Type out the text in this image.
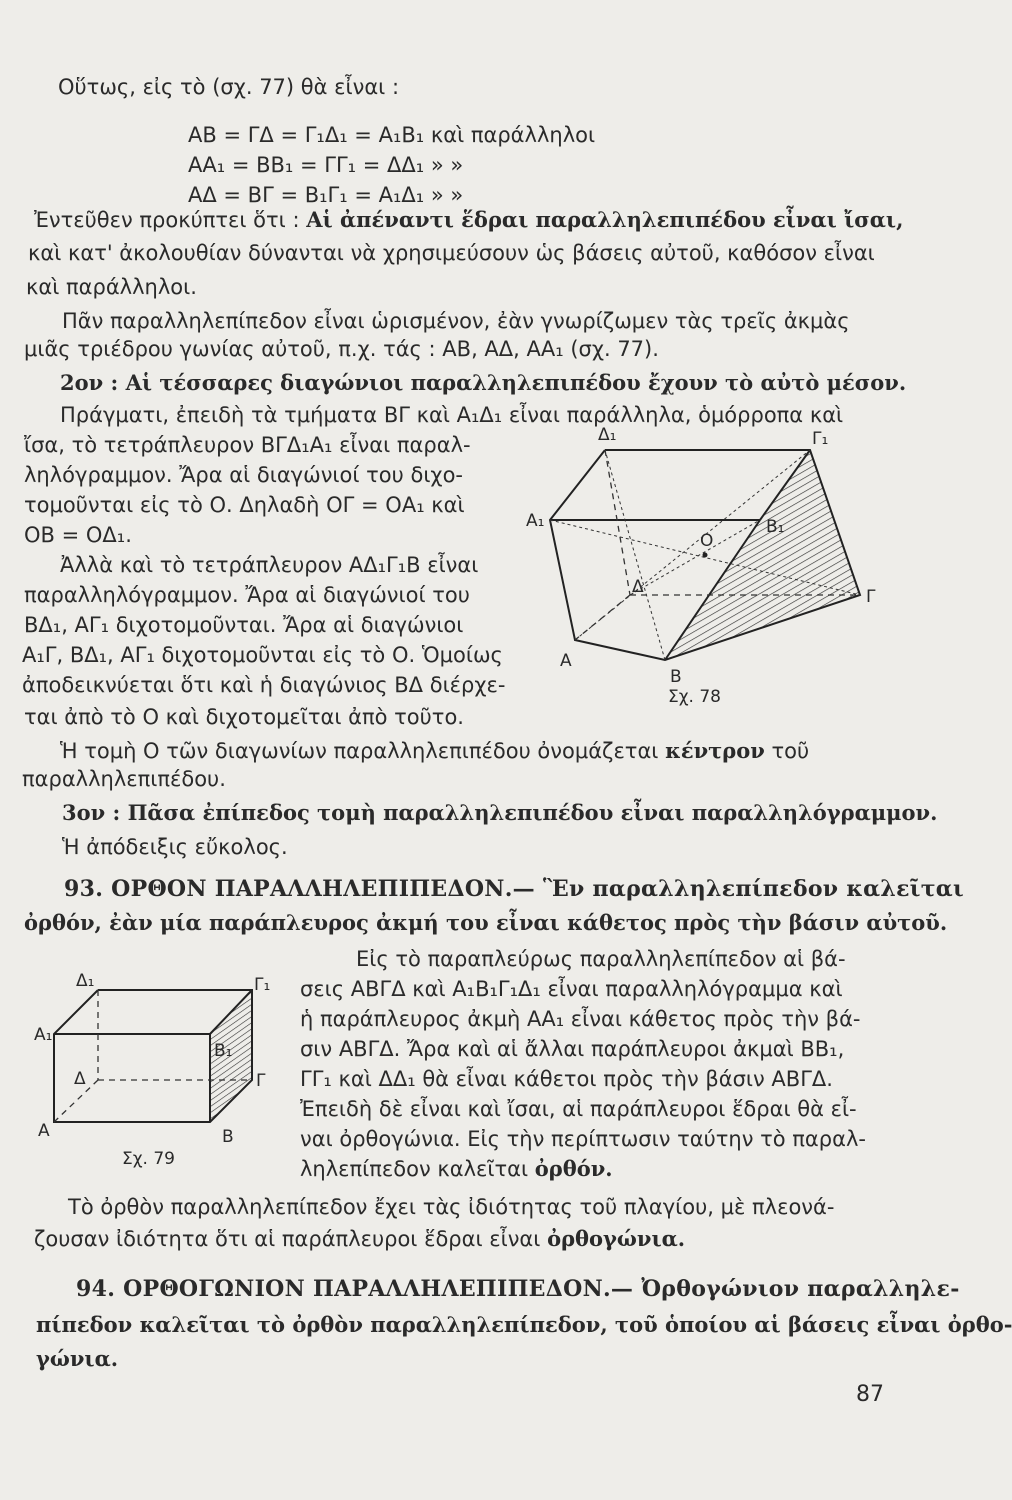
Οὕτως, εἰς τὸ (σχ. 77) θὰ εἶναι :
ΑΒ = ΓΔ = Γ₁Δ₁ = Α₁Β₁ καὶ παράλληλοι
ΑΑ₁ = ΒΒ₁ = ΓΓ₁ = ΔΔ₁ » »
ΑΔ = ΒΓ = Β₁Γ₁ = Α₁Δ₁ » »
Ἐντεῦθεν προκύπτει ὅτι : Αἱ ἀπέναντι ἕδραι παραλληλεπιπέδου εἶναι ἴσαι,
καὶ κατ' ἀκολουθίαν δύνανται νὰ χρησιμεύσουν ὡς βάσεις αὐτοῦ, καθόσον εἶναι
καὶ παράλληλοι.
Πᾶν παραλληλεπίπεδον εἶναι ὡρισμένον, ἐὰν γνωρίζωμεν τὰς τρεῖς ἀκμὰς
μιᾶς τριέδρου γωνίας αὐτοῦ, π.χ. τάς : ΑΒ, ΑΔ, ΑΑ₁ (σχ. 77).
2ον : Αἱ τέσσαρες διαγώνιοι παραλληλεπιπέδου ἔχουν τὸ αὐτὸ μέσον.
Πράγματι, ἐπειδὴ τὰ τμήματα ΒΓ καὶ Α₁Δ₁ εἶναι παράλληλα, ὁμόρροπα καὶ
ἴσα, τὸ τετράπλευρον ΒΓΔ₁Α₁ εἶναι παραλ-
ληλόγραμμον. Ἄρα αἱ διαγώνιοί του διχο-
τομοῦνται εἰς τὸ Ο. Δηλαδὴ ΟΓ = ΟΑ₁ καὶ
ΟΒ = ΟΔ₁.
Ἀλλὰ καὶ τὸ τετράπλευρον ΑΔ₁Γ₁Β εἶναι
παραλληλόγραμμον. Ἄρα αἱ διαγώνιοί του
ΒΔ₁, ΑΓ₁ διχοτομοῦνται. Ἄρα αἱ διαγώνιοι
Α₁Γ, ΒΔ₁, ΑΓ₁ διχοτομοῦνται εἰς τὸ Ο. Ὁμοίως
ἀποδεικνύεται ὅτι καὶ ἡ διαγώνιος ΒΔ διέρχε-
ται ἀπὸ τὸ Ο καὶ διχοτομεῖται ἀπὸ τοῦτο.
Ἡ τομὴ Ο τῶν διαγωνίων παραλληλεπιπέδου ὀνομάζεται κέντρον τοῦ
παραλληλεπιπέδου.
3ον : Πᾶσα ἐπίπεδος τομὴ παραλληλεπιπέδου εἶναι παραλληλόγραμμον.
Ἡ ἀπόδειξις εὔκολος.
93. ΟΡΘΟΝ ΠΑΡΑΛΛΗΛΕΠΙΠΕΔΟΝ.— Ἓν παραλληλεπίπεδον καλεῖται
ὀρθόν, ἐὰν μία παράπλευρος ἀκμή του εἶναι κάθετος πρὸς τὴν βάσιν αὐτοῦ.
Εἰς τὸ παραπλεύρως παραλληλεπίπεδον αἱ βά-
σεις ΑΒΓΔ καὶ Α₁Β₁Γ₁Δ₁ εἶναι παραλληλόγραμμα καὶ
ἡ παράπλευρος ἀκμὴ ΑΑ₁ εἶναι κάθετος πρὸς τὴν βά-
σιν ΑΒΓΔ. Ἄρα καὶ αἱ ἄλλαι παράπλευροι ἀκμαὶ ΒΒ₁,
ΓΓ₁ καὶ ΔΔ₁ θὰ εἶναι κάθετοι πρὸς τὴν βάσιν ΑΒΓΔ.
Ἐπειδὴ δὲ εἶναι καὶ ἴσαι, αἱ παράπλευροι ἕδραι θὰ εἶ-
ναι ὀρθογώνια. Εἰς τὴν περίπτωσιν ταύτην τὸ παραλ-
ληλεπίπεδον καλεῖται ὀρθόν.
Τὸ ὀρθὸν παραλληλεπίπεδον ἔχει τὰς ἰδιότητας τοῦ πλαγίου, μὲ πλεονά-
ζουσαν ἰδιότητα ὅτι αἱ παράπλευροι ἕδραι εἶναι ὀρθογώνια.
94. ΟΡΘΟΓΩΝΙΟΝ ΠΑΡΑΛΛΗΛΕΠΙΠΕΔΟΝ.— Ὀρθογώνιον παραλληλε-
πίπεδον καλεῖται τὸ ὀρθὸν παραλληλεπίπεδον, τοῦ ὁποίου αἱ βάσεις εἶναι ὀρθο-
γώνια.
87
Δ₁	Γ₁
Α₁	Β₁
Ο
Δ	Γ
Α
Β
Σχ. 78
Δ₁	Γ₁
Α₁
Β₁
Δ	Γ
Α	Β
Σχ. 79
